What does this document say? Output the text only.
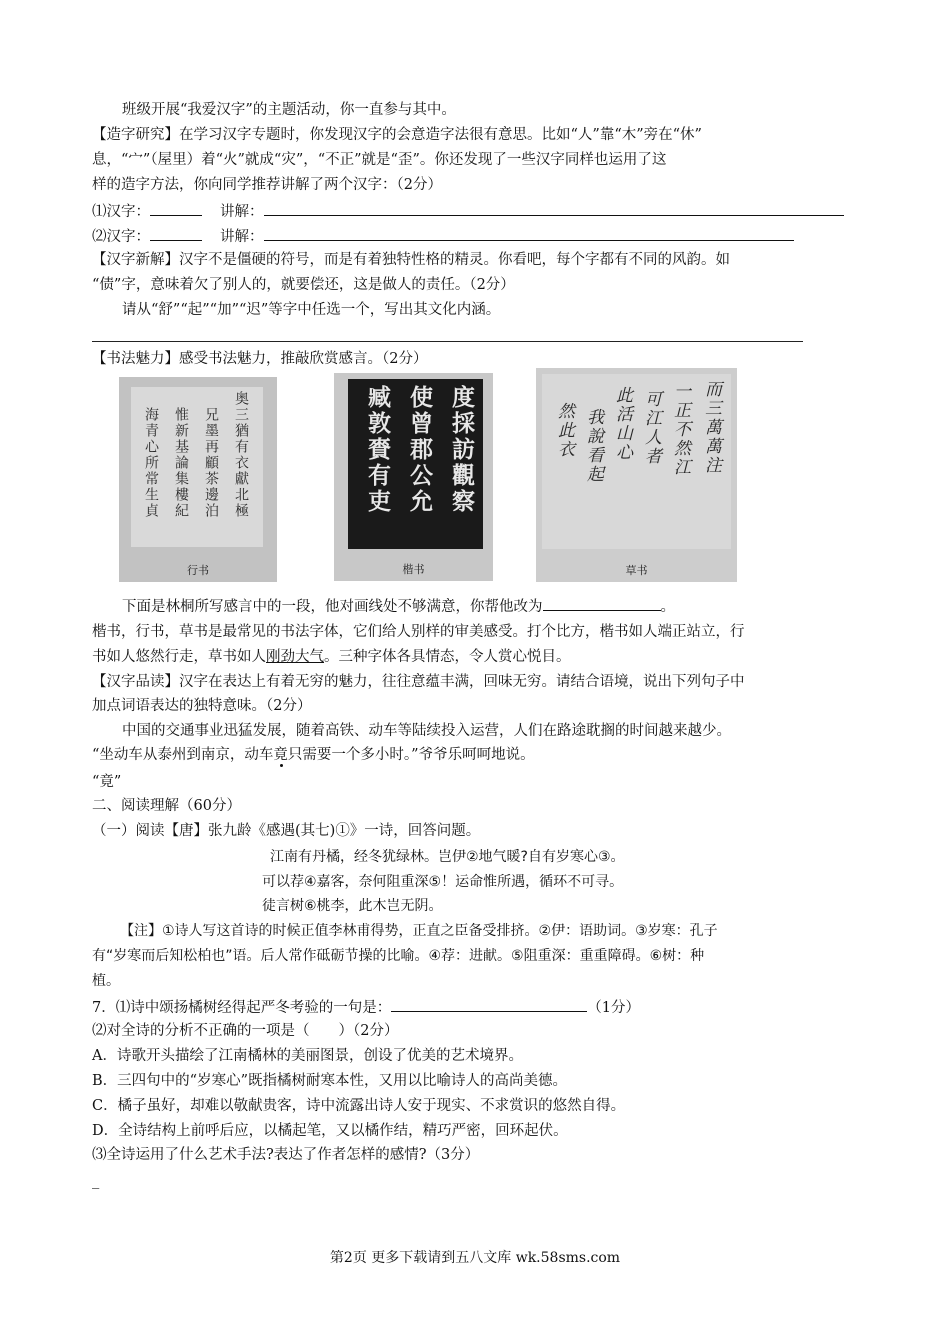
班级开展“我爱汉字”的主题活动，你一直参与其中。
【造字研究】在学习汉字专题时，你发现汉字的会意造字法很有意思。比如“人”靠“木”旁在“休”
息，“宀”（屋里）着“火”就成“灾”，“不正”就是“歪”。你还发现了一些汉字同样也运用了这
样的造字方法，你向同学推荐讲解了两个汉字：（2分）
⑴汉字：	讲解：
⑵汉字：	讲解：
【汉字新解】汉字不是僵硬的符号，而是有着独特性格的精灵。你看吧，每个字都有不同的风韵。如
“债”字，意味着欠了别人的，就要偿还，这是做人的责任。（2分）
请从“舒”“起”“加”“迟”等字中任选一个，写出其文化内涵。
【书法魅力】感受书法魅力，推敲欣赏感言。（2分）
奥三猶有衣獻北極
兄墨再顧茶邊泊
惟新基論集樓紀
海青心所常生貞
行书
度採訪觀察
使曾郡公允
臧敦賚有吏
楷书
而三萬萬注
一正不然江
可江人者
此活山心
我說看起
然此衣
草书
下面是林桐所写感言中的一段，他对画线处不够满意，你帮他改为	。
楷书，行书，草书是最常见的书法字体，它们给人别样的审美感受。打个比方，楷书如人端正站立，行
书如人悠然行走，草书如人刚劲大气。三种字体各具情态，令人赏心悦目。
【汉字品读】汉字在表达上有着无穷的魅力，往往意蕴丰满，回味无穷。请结合语境，说出下列句子中
加点词语表达的独特意味。（2分）
中国的交通事业迅猛发展，随着高铁、动车等陆续投入运营，人们在路途耽搁的时间越来越少。
“坐动车从泰州到南京，动车竟只需要一个多小时。”爷爷乐呵呵地说。
“竟”
二、阅读理解（60分）
（一）阅读【唐】张九龄《感遇(其七)①》一诗，回答问题。
江南有丹橘，经冬犹绿林。岂伊②地气暖?自有岁寒心③。
可以荐④嘉客，奈何阻重深⑤！运命惟所遇，循环不可寻。
徒言树⑥桃李，此木岂无阴。
【注】①诗人写这首诗的时候正值李林甫得势，正直之臣备受排挤。②伊：语助词。③岁寒：孔子
有“岁寒而后知松柏也”语。后人常作砥砺节操的比喻。④荐：进献。⑤阻重深：重重障碍。⑥树：种
植。
7．⑴诗中颂扬橘树经得起严冬考验的一句是：	（1分）
⑵对全诗的分析不正确的一项是（　　）（2分）
A．诗歌开头描绘了江南橘林的美丽图景，创设了优美的艺术境界。
B．三四句中的“岁寒心”既指橘树耐寒本性，又用以比喻诗人的高尚美德。
C．橘子虽好，却难以敬献贵客，诗中流露出诗人安于现实、不求赏识的悠然自得。
D．全诗结构上前呼后应，以橘起笔，又以橘作结，精巧严密，回环起伏。
⑶全诗运用了什么艺术手法?表达了作者怎样的感情?（3分）
_
第2页 更多下载请到五八文库 wk.58sms.com
